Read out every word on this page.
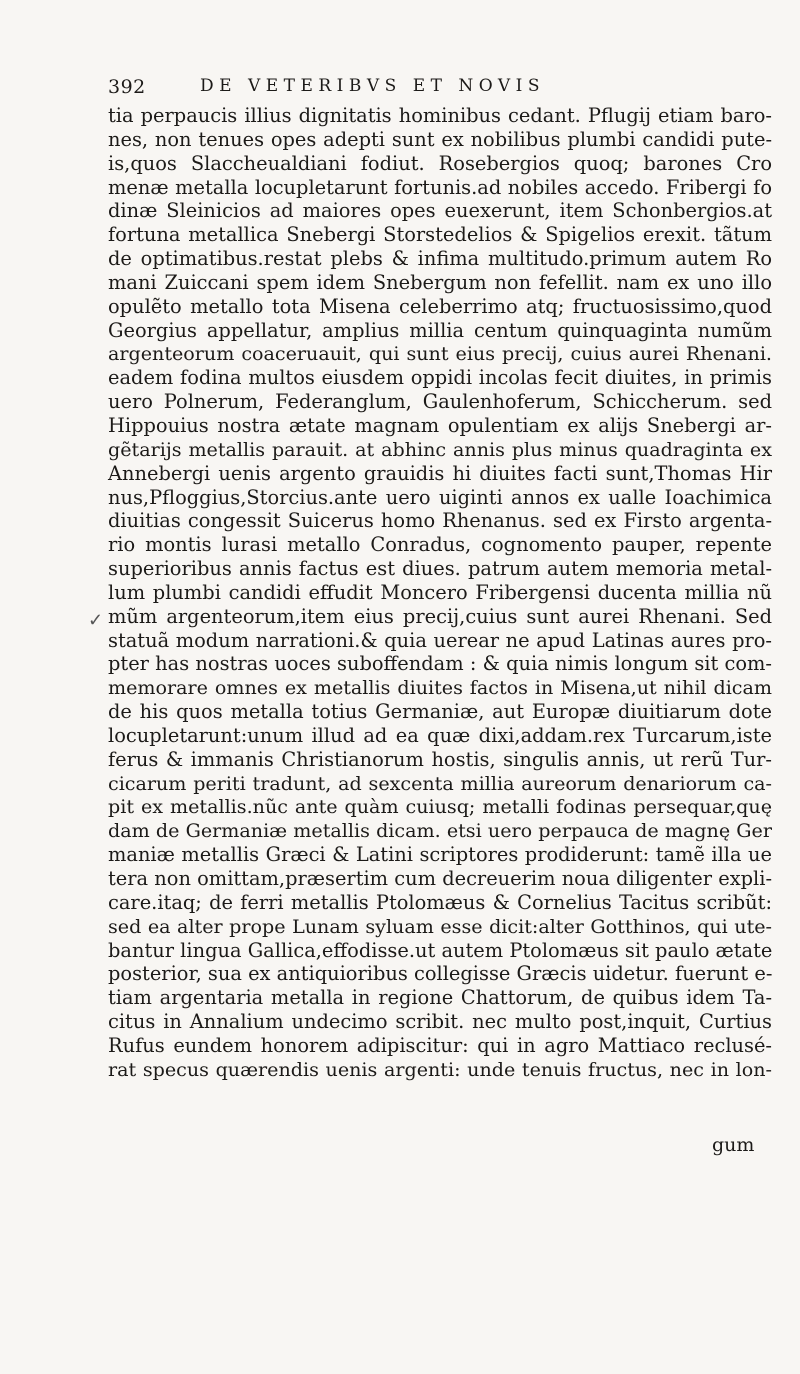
392	DE VETERIBVS ET NOVIS
✓
tia perpaucis illius dignitatis hominibus cedant. Pflugij etiam baro-
nes, non tenues opes adepti sunt ex nobilibus plumbi candidi pute-
is,quos Slaccheualdiani fodiut. Rosebergios quoq; barones Cro
menæ metalla locupletarunt fortunis.ad nobiles accedo. Fribergi fo
dinæ Sleinicios ad maiores opes euexerunt, item Schonbergios.at
fortuna metallica Snebergi Storstedelios & Spigelios erexit. tãtum
de optimatibus.restat plebs & infima multitudo.primum autem Ro
mani Zuiccani spem idem Snebergum non fefellit. nam ex uno illo
opulẽto metallo tota Misena celeberrimo atq; fructuosissimo,quod
Georgius appellatur, amplius millia centum quinquaginta numũm
argenteorum coaceruauit, qui sunt eius precij, cuius aurei Rhenani.
eadem fodina multos eiusdem oppidi incolas fecit diuites, in primis
uero Polnerum, Federanglum, Gaulenhoferum, Schiccherum. sed
Hippouius nostra ætate magnam opulentiam ex alijs Snebergi ar-
gẽtarijs metallis parauit. at abhinc annis plus minus quadraginta ex
Annebergi uenis argento grauidis hi diuites facti sunt,Thomas Hir
nus,Pfloggius,Storcius.ante uero uiginti annos ex ualle Ioachimica
diuitias congessit Suicerus homo Rhenanus. sed ex Firsto argenta-
rio montis lurasi metallo Conradus, cognomento pauper, repente
superioribus annis factus est diues. patrum autem memoria metal-
lum plumbi candidi effudit Moncero Fribergensi ducenta millia nũ
mũm argenteorum,item eius precij,cuius sunt aurei Rhenani. Sed
statuã modum narrationi.& quia uerear ne apud Latinas aures pro-
pter has nostras uoces suboffendam : & quia nimis longum sit com-
memorare omnes ex metallis diuites factos in Misena,ut nihil dicam
de his quos metalla totius Germaniæ, aut Europæ diuitiarum dote
locupletarunt:unum illud ad ea quæ dixi,addam.rex Turcarum,iste
ferus & immanis Christianorum hostis, singulis annis, ut rerũ Tur-
cicarum periti tradunt, ad sexcenta millia aureorum denariorum ca-
pit ex metallis.nũc ante quàm cuiusq; metalli fodinas persequar,quę
dam de Germaniæ metallis dicam. etsi uero perpauca de magnę Ger
maniæ metallis Græci & Latini scriptores prodiderunt: tamẽ illa ue
tera non omittam,præsertim cum decreuerim noua diligenter expli-
care.itaq; de ferri metallis Ptolomæus & Cornelius Tacitus scribũt:
sed ea alter prope Lunam syluam esse dicit:alter Gotthinos, qui ute-
bantur lingua Gallica,effodisse.ut autem Ptolomæus sit paulo ætate
posterior, sua ex antiquioribus collegisse Græcis uidetur. fuerunt e-
tiam argentaria metalla in regione Chattorum, de quibus idem Ta-
citus in Annalium undecimo scribit. nec multo post,inquit, Curtius
Rufus eundem honorem adipiscitur: qui in agro Mattiaco reclusé-
rat specus quærendis uenis argenti: unde tenuis fructus, nec in lon-
gum
